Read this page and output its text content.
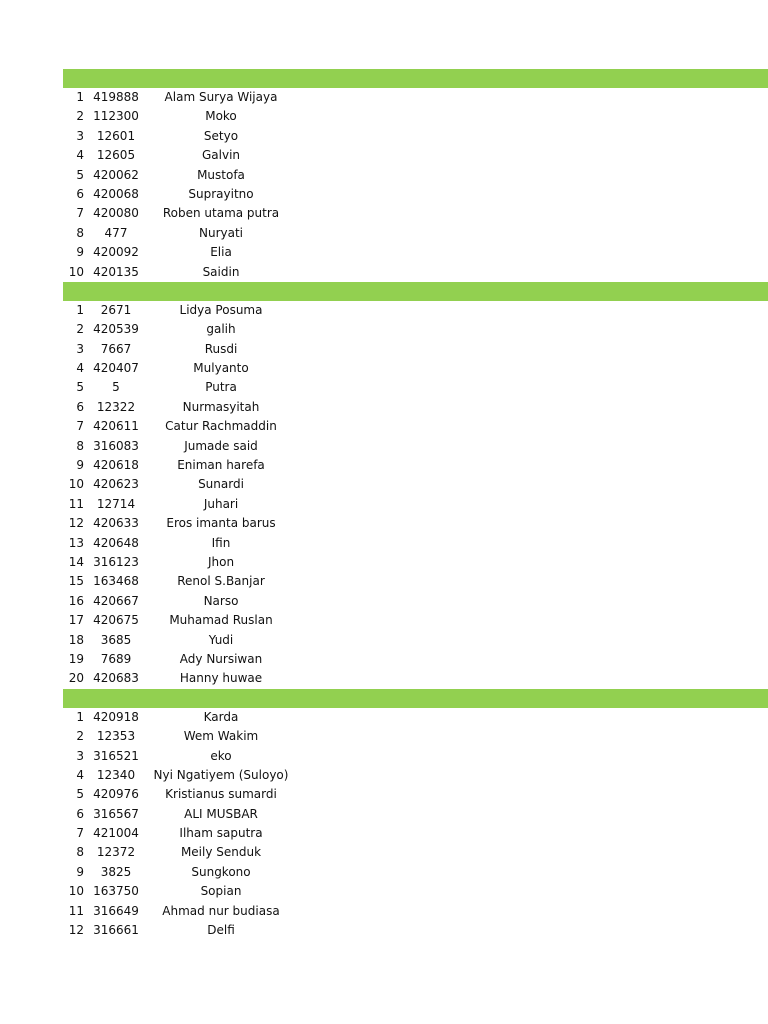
1 419888	Alam Surya Wijaya
2 112300	Moko
3	12601	Setyo
4	12605	Galvin
5 420062	Mustofa
6 420068	Suprayitno
7 420080	Roben utama putra
8	477	Nuryati
9 420092	Elia
10 420135	Saidin
1	2671	Lidya Posuma
2 420539	galih
3	7667	Rusdi
4 420407	Mulyanto
5	5	Putra
6	12322	Nurmasyitah
7 420611	Catur Rachmaddin
8 316083	Jumade said
9 420618	Eniman harefa
10 420623	Sunardi
11	12714	Juhari
12 420633	Eros imanta barus
13 420648	Ifin
14 316123	Jhon
15 163468	Renol S.Banjar
16 420667	Narso
17 420675	Muhamad Ruslan
18	3685	Yudi
19	7689	Ady Nursiwan
20 420683	Hanny huwae
1 420918	Karda
2	12353	Wem Wakim
3 316521	eko
4	12340	Nyi Ngatiyem (Suloyo)
5 420976	Kristianus sumardi
6 316567	ALI MUSBAR
7 421004	Ilham saputra
8	12372	Meily Senduk
9	3825	Sungkono
10 163750	Sopian
11 316649	Ahmad nur budiasa
12 316661	Delfi
